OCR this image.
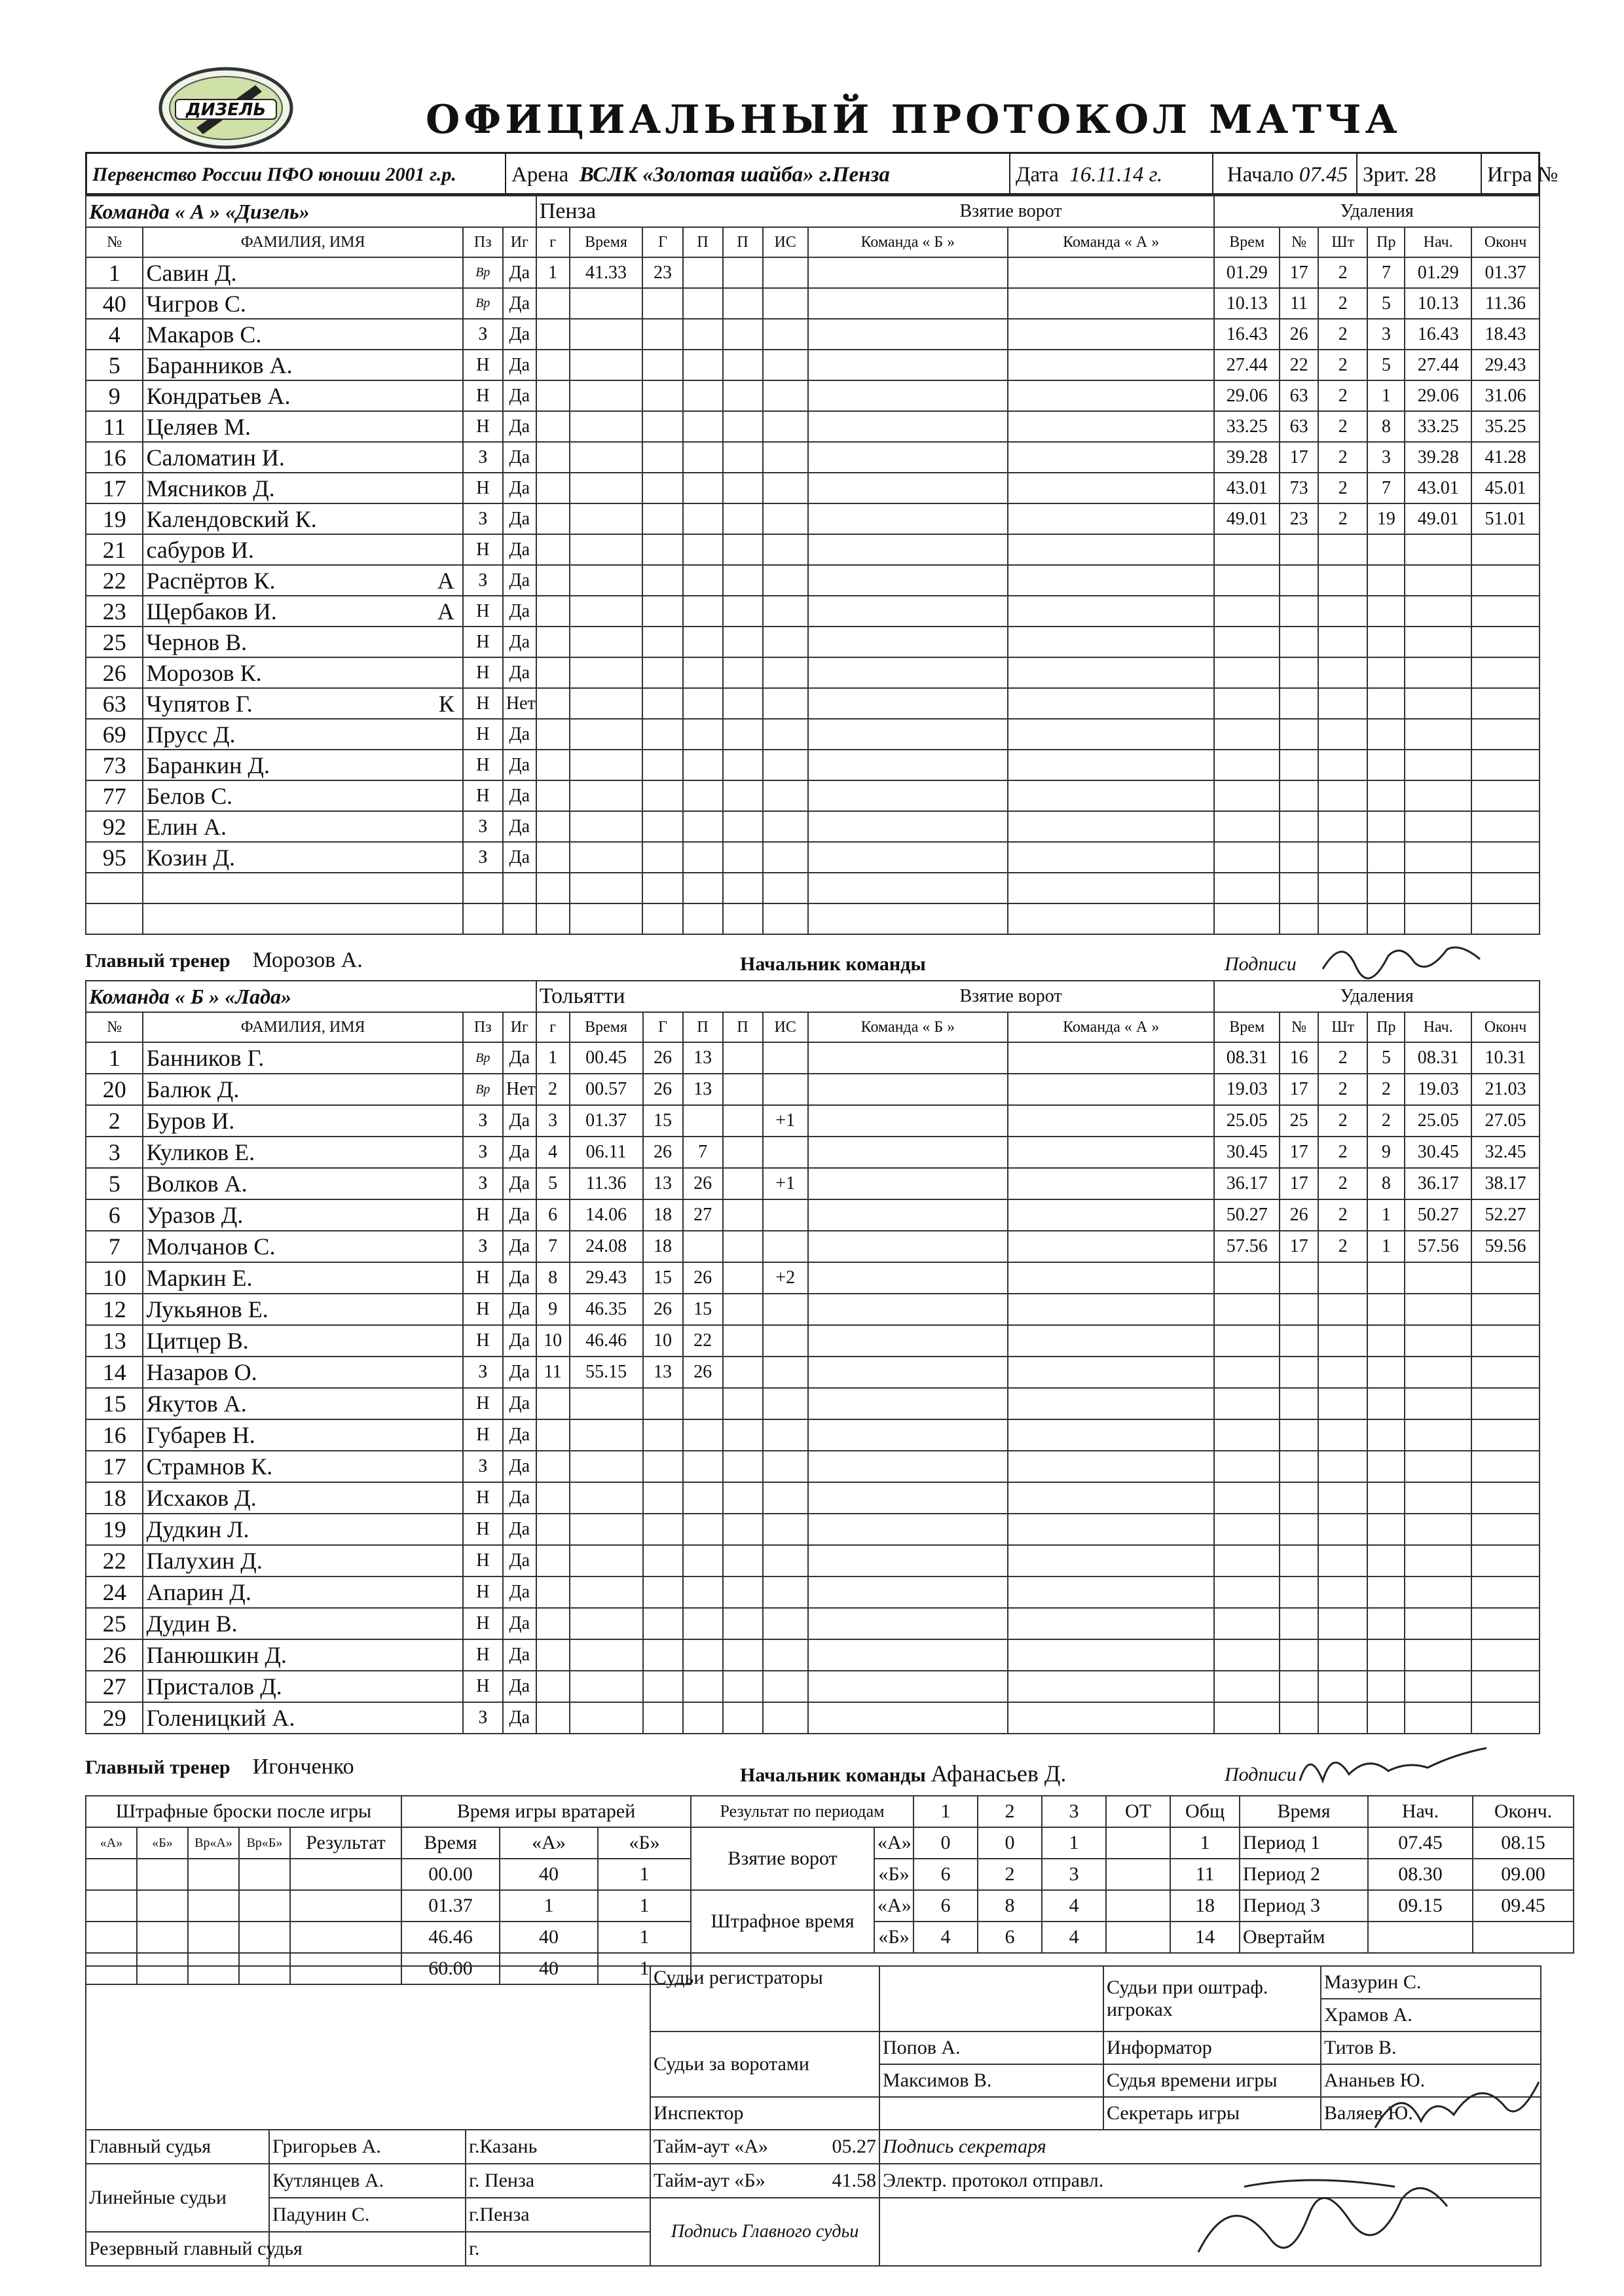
ДИЗЕЛЬ	ОФИЦИАЛЬНЫЙ ПРОТОКОЛ МАТЧА
Первенство России ПФО юноши 2001 г.р.	Арена ВСЛК «Золотая шайба» г.Пенза	Дата 16.11.14 г.	Начало 07.45 Зрит. 28	Игра №
Команда « А » «Дизель»				Пенза						Взятие ворот		Удаления					
№	ФАМИЛИЯ, ИМЯ	Пз	Иг	г	Время	Г	П	П	ИС	Команда « Б »	Команда « А »	Врем	№	Шт	Пр	Нач.	Оконч
1	Савин Д.	Вр	Да	1	41.33	23						01.29	17	2	7	01.29	01.37
40	Чигров С.	Вр	Да									10.13	11	2	5	10.13	11.36
4	Макаров С.	З	Да									16.43	26	2	3	16.43	18.43
5	Баранников А.	Н	Да									27.44	22	2	5	27.44	29.43
9	Кондратьев А.	Н	Да									29.06	63	2	1	29.06	31.06
11	Целяев М.	Н	Да									33.25	63	2	8	33.25	35.25
16	Саломатин И.	З	Да									39.28	17	2	3	39.28	41.28
17	Мясников Д.	Н	Да									43.01	73	2	7	43.01	45.01
19	Календовский К.	З	Да									49.01	23	2	19	49.01	51.01
21	сабуров И.	Н	Да														
22	Распёртов К. А	З	Да														
23	Щербаков И. А	Н	Да														
25	Чернов В.	Н	Да														
26	Морозов К.	Н	Да														
63	Чупятов Г. К	Н	Нет														
69	Прусс Д.	Н	Да														
73	Баранкин Д.	Н	Да														
77	Белов С.	Н	Да														
92	Елин А.	З	Да														
95	Козин Д.	З	Да														

Главный тренер Морозов А.	Начальник команды	Подписи
Команда « Б » «Лада»				Тольятти						Взятие ворот		Удаления					
№	ФАМИЛИЯ, ИМЯ	Пз	Иг	г	Время	Г	П	П	ИС	Команда « Б »	Команда « А »	Врем	№	Шт	Пр	Нач.	Оконч
1	Банников Г.	Вр	Да	1	00.45	26	13					08.31	16	2	5	08.31	10.31
20	Балюк Д.	Вр	Нет	2	00.57	26	13					19.03	17	2	2	19.03	21.03
2	Буров И.	З	Да	3	01.37	15			+1			25.05	25	2	2	25.05	27.05
3	Куликов Е.	З	Да	4	06.11	26	7					30.45	17	2	9	30.45	32.45
5	Волков А.	З	Да	5	11.36	13	26		+1			36.17	17	2	8	36.17	38.17
6	Уразов Д.	Н	Да	6	14.06	18	27					50.27	26	2	1	50.27	52.27
7	Молчанов С.	З	Да	7	24.08	18						57.56	17	2	1	57.56	59.56
10	Маркин Е.	Н	Да	8	29.43	15	26		+2								
12	Лукьянов Е.	Н	Да	9	46.35	26	15										
13	Цитцер В.	Н	Да	10	46.46	10	22										
14	Назаров О.	З	Да	11	55.15	13	26										
15	Якутов А.	Н	Да														
16	Губарев Н.	Н	Да														
17	Страмнов К.	З	Да														
18	Исхаков Д.	Н	Да														
19	Дудкин Л.	Н	Да														
22	Палухин Д.	Н	Да														
24	Апарин Д.	Н	Да														
25	Дудин В.	Н	Да														
26	Панюшкин Д.	Н	Да														
27	Присталов Д.	Н	Да														
29	Голеницкий А.	З	Да														
Главный тренер Игонченко	Начальник команды Афанасьев Д.	Подписи
Штрафные броски после игры					Время игры вратарей			Результат по периодам		1	2	3	ОТ	Общ	Время	Нач.	Оконч.
«А»	«Б»	Вр«А»	Вр«Б»	Результат	Время	«А»	«Б»	Взятие ворот	«А»	0	0	1		1	Период 1	07.45	08.15
					00.00	40	1		«Б»	6	2	3		11	Период 2	08.30	09.00
					01.37	1	1	Штрафное время	«А»	6	8	4		18	Период 3	09.15	09.45
					46.46	40	1		«Б»	4	6	4		14	Овертайм		
					60.00	40	1										
			Судьи регистраторы		Судьи при оштраф. игроках	Мазурин С.
						Храмов А.
			Судьи за воротами	Попов А.	Информатор	Титов В.
				Максимов В.	Судья времени игры	Ананьев Ю.
			Инспектор		Секретарь игры	Валяев Ю.
Главный судья	Григорьев А.	г.Казань	Тайм-аут «А» 05.27	Подпись секретаря		
Линейные судьи	Кутлянцев А.	г. Пенза	Тайм-аут «Б» 41.58	Электр. протокол отправл.		
	Падунин С.	г.Пенза	Подпись Главного судьи			
Резервный главный судья		г.				
